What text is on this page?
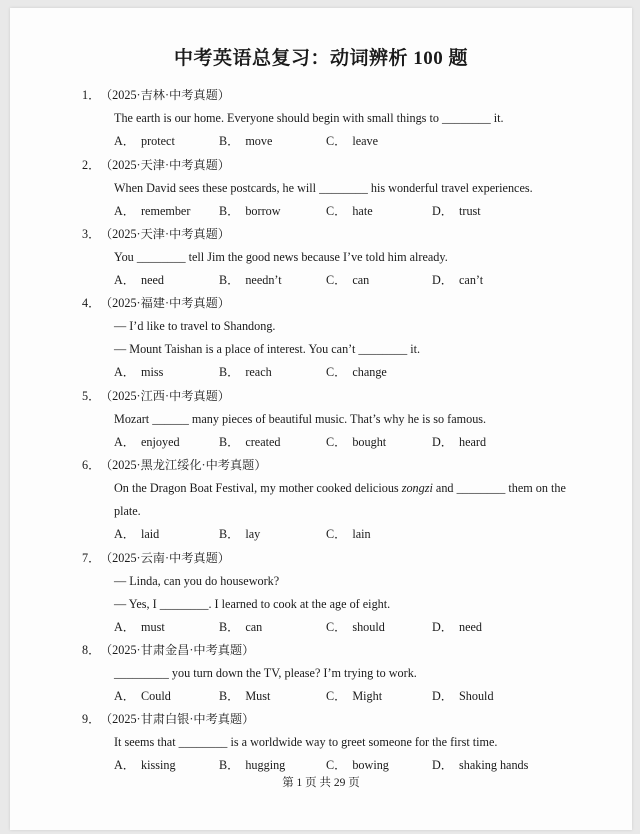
中考英语总复习：动词辨析 100 题
1．（2025·吉林·中考真题）
The earth is our home. Everyone should begin with small things to ________ it.
A． protect	B． move	C． leave
2．（2025·天津·中考真题）
When David sees these postcards, he will ________ his wonderful travel experiences.
A． remember B． borrow	C． hate	D． trust
3．（2025·天津·中考真题）
You ________ tell Jim the good news because I’ve told him already.
A． need	B． needn’t	C． can	D． can’t
4．（2025·福建·中考真题）
— I’d like to travel to Shandong.
— Mount Taishan is a place of interest. You can’t ________ it.
A． miss	B． reach	C． change
5．（2025·江西·中考真题）
Mozart ______ many pieces of beautiful music. That’s why he is so famous.
A． enjoyed	B． created	C． bought	D． heard
6．（2025·黑龙江绥化·中考真题）
On the Dragon Boat Festival, my mother cooked delicious zongzi and ________ them on the
plate.
A． laid	B． lay	C． lain
7．（2025·云南·中考真题）
— Linda, can you do housework?
— Yes, I ________. I learned to cook at the age of eight.
A． must	B． can	C． should	D． need
8．（2025·甘肃金昌·中考真题）
_________ you turn down the TV, please? I’m trying to work.
A． Could	B． Must	C． Might	D． Should
9．（2025·甘肃白银·中考真题）
It seems that ________ is a worldwide way to greet someone for the first time.
A． kissing	B． hugging	C． bowing	D． shaking hands
第 1 页 共 29 页
